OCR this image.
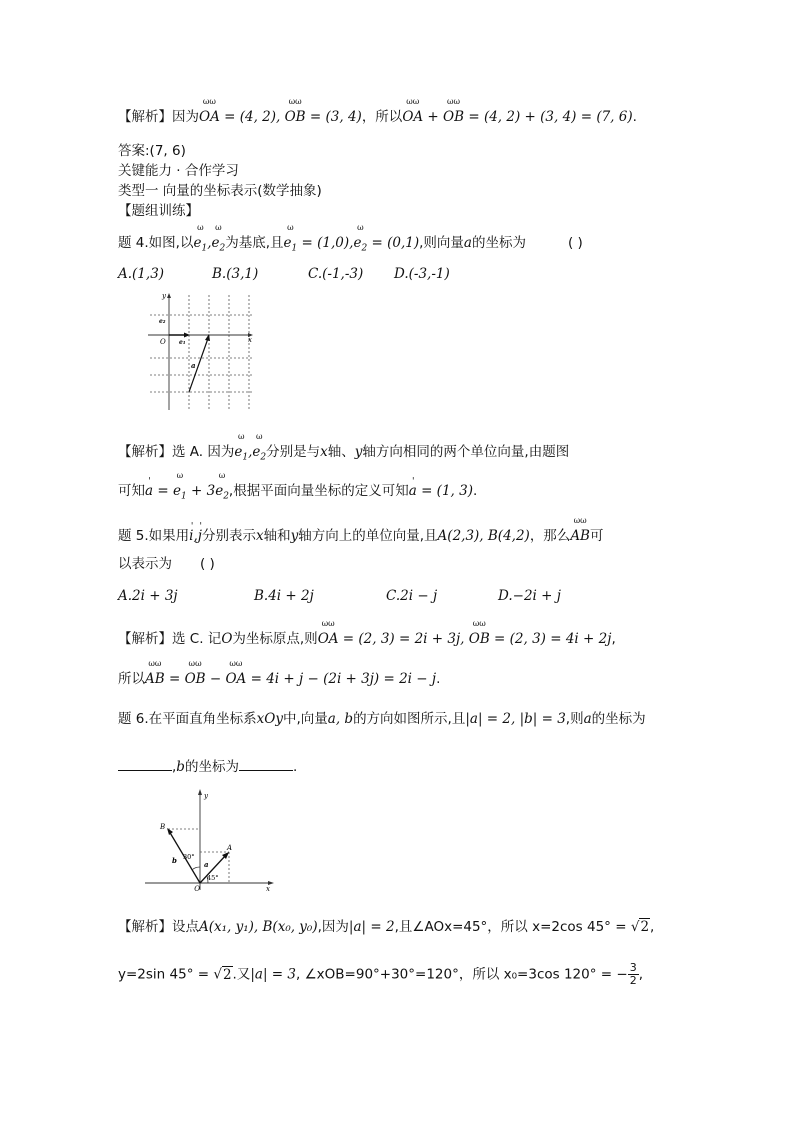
【解析】因为ωω OA = (4, 2), ωω OB = (3, 4)，所以ωω OA + ωω OB = (4, 2) + (3, 4) = (7, 6).
答案:(7, 6)
关键能力 · 合作学习
类型一 向量的坐标表示(数学抽象)
【题组训练】
题 4.如图,以ω $e_1,\omega$ $e_2$为基底,且ω $e_1 = (1,0),\omega$ $e_2 = (0,1)$,则向量a的坐标为	( )
A.(1,3)	B.(3,1)	C.(-1,-3) D.(-3,-1)
y
x
O e₁
e₂
a
【解析】选 A. 因为ω $e_1,\omega$ $e_2$分别是与x轴、y轴方向相同的两个单位向量,由题图
可知' a = ω $e_1 + 3\omega$ $e_2$,根据平面向量坐标的定义可知' a = (1, 3).
题 5.如果用' i,' j分别表示x轴和y轴方向上的单位向量,且A(2,3), B(4,2)，那么ωω AB可
以表示为 ( )
A.2i + 3j	B.4i + 2j	C.2i − j	D.−2i + j
【解析】选 C. 记O为坐标原点,则ωω OA = (2, 3) = 2i + 3j, ωω OB = (2, 3) = 4i + 2j,
所以ωω AB = ωω OB − ωω OA = 4i + j − (2i + 3j) = 2i − j.
题 6.在平面直角坐标系xOy中,向量a, b的方向如图所示,且|a| = 2, |b| = 3,则a的坐标为
,b的坐标为	.
O
y
x
B
A
b	a
30°
45°
【解析】设点A(x₁, y₁), B(x₀, y₀),因为|a| = 2,且∠AOx=45°，所以 x=2cos 45° = √2,
y=2sin 45° = √2.又|a| = 3, ∠xOB=90°+30°=120°，所以 x₀=3cos 120° = − $\frac{3}{2}$ ,
